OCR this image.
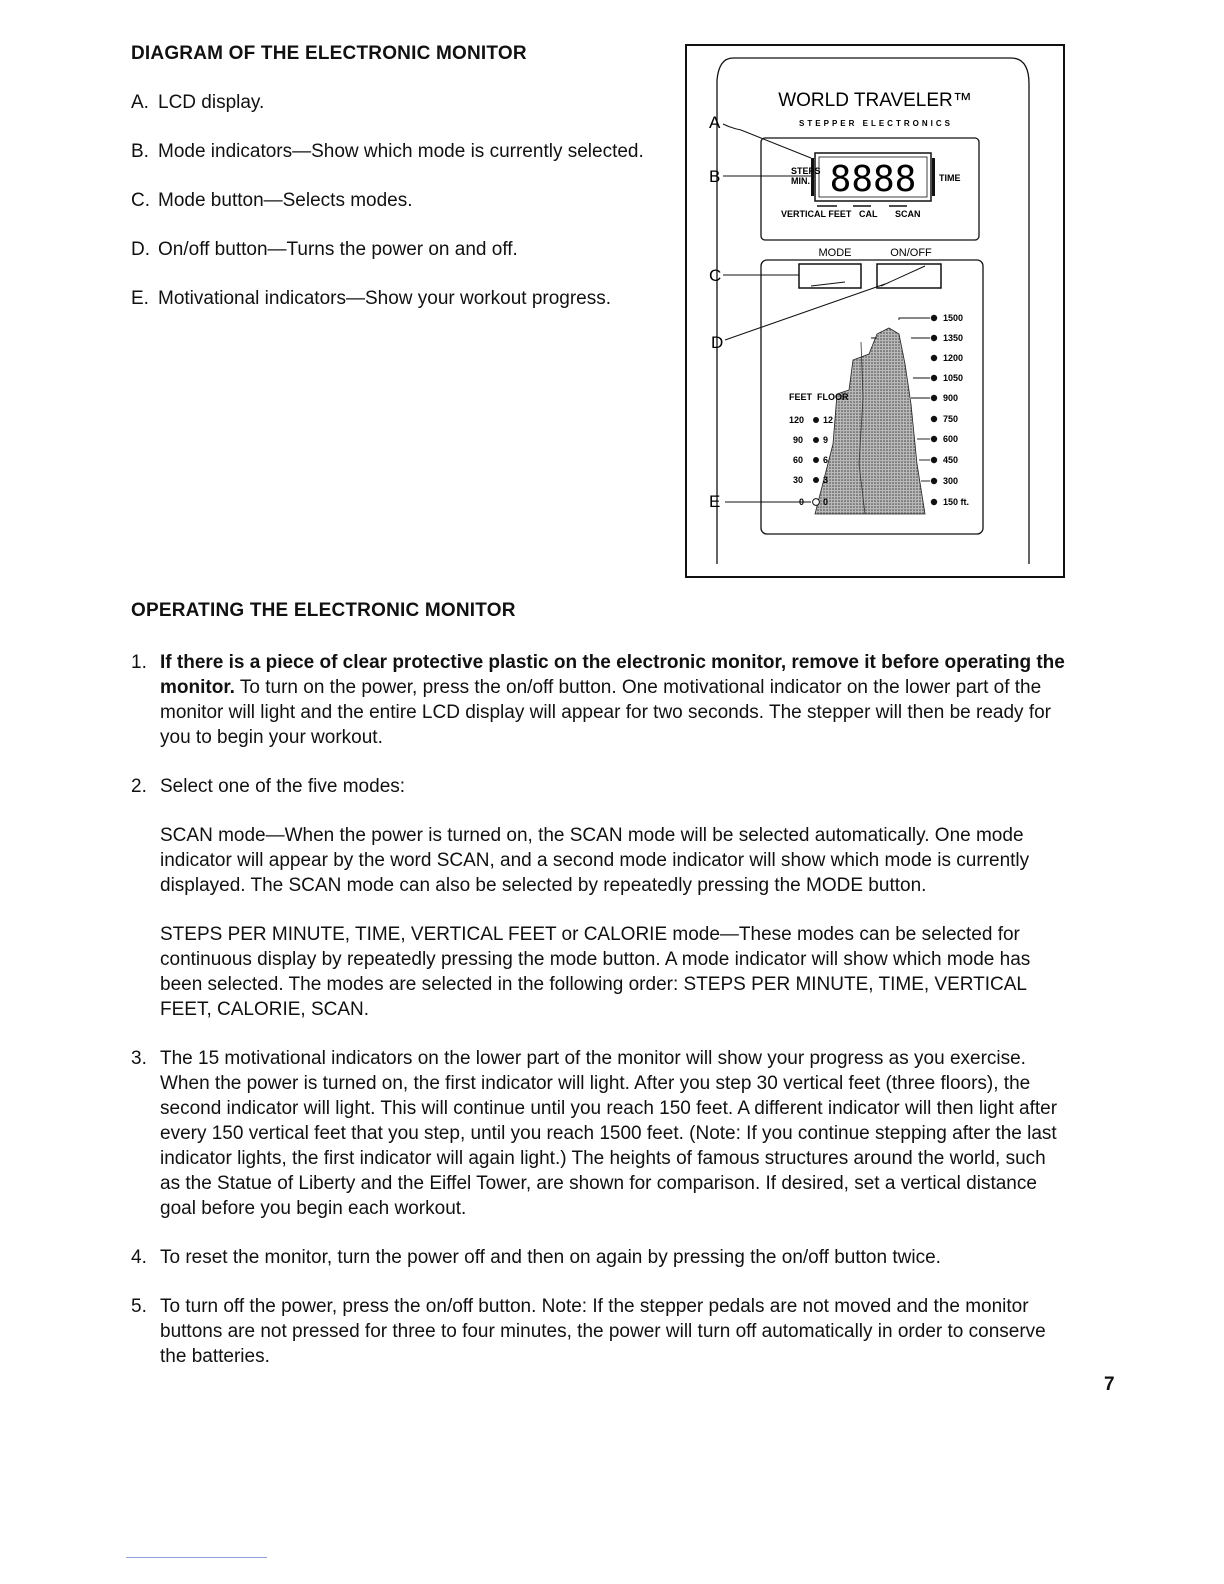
DIAGRAM OF THE ELECTRONIC MONITOR
A. LCD display.
B. Mode indicators—Show which mode is currently selected.
C. Mode button—Selects modes.
D. On/off button—Turns the power on and off.
E. Motivational indicators—Show your workout progress.
WORLD TRAVELER™
STEPPER ELECTRONICS
8888
STEPS
MIN.	TIME
VERTICAL FEET CAL SCAN
MODE	ON/OFF
1500
1350
1200
1050
900
750
600
450
300
150 ft.
FEET FLOOR
120 12
90 9
60 6
30 3
0 0
A
B
C
D
E
OPERATING THE ELECTRONIC MONITOR
1. If there is a piece of clear protective plastic on the electronic monitor, remove it before operating the monitor. To turn on the power, press the on/off button. One motivational indicator on the lower part of the monitor will light and the entire LCD display will appear for two seconds. The stepper will then be ready for you to begin your workout.
2. Select one of the five modes:

SCAN mode—When the power is turned on, the SCAN mode will be selected automatically. One mode indicator will appear by the word SCAN, and a second mode indicator will show which mode is currently displayed. The SCAN mode can also be selected by repeatedly pressing the MODE button.

STEPS PER MINUTE, TIME, VERTICAL FEET or CALORIE mode—These modes can be selected for continuous display by repeatedly pressing the mode button. A mode indicator will show which mode has been selected. The modes are selected in the following order: STEPS PER MINUTE, TIME, VERTICAL FEET, CALORIE, SCAN.

3. The 15 motivational indicators on the lower part of the monitor will show your progress as you exercise. When the power is turned on, the first indicator will light. After you step 30 vertical feet (three floors), the second indicator will light. This will continue until you reach 150 feet. A different indicator will then light after every 150 vertical feet that you step, until you reach 1500 feet. (Note: If you continue stepping after the last indicator lights, the first indicator will again light.) The heights of famous structures around the world, such as the Statue of Liberty and the Eiffel Tower, are shown for comparison. If desired, set a vertical distance goal before you begin each workout.
4. To reset the monitor, turn the power off and then on again by pressing the on/off button twice.
5. To turn off the power, press the on/off button. Note: If the stepper pedals are not moved and the monitor buttons are not pressed for three to four minutes, the power will turn off automatically in order to conserve the batteries.
7
